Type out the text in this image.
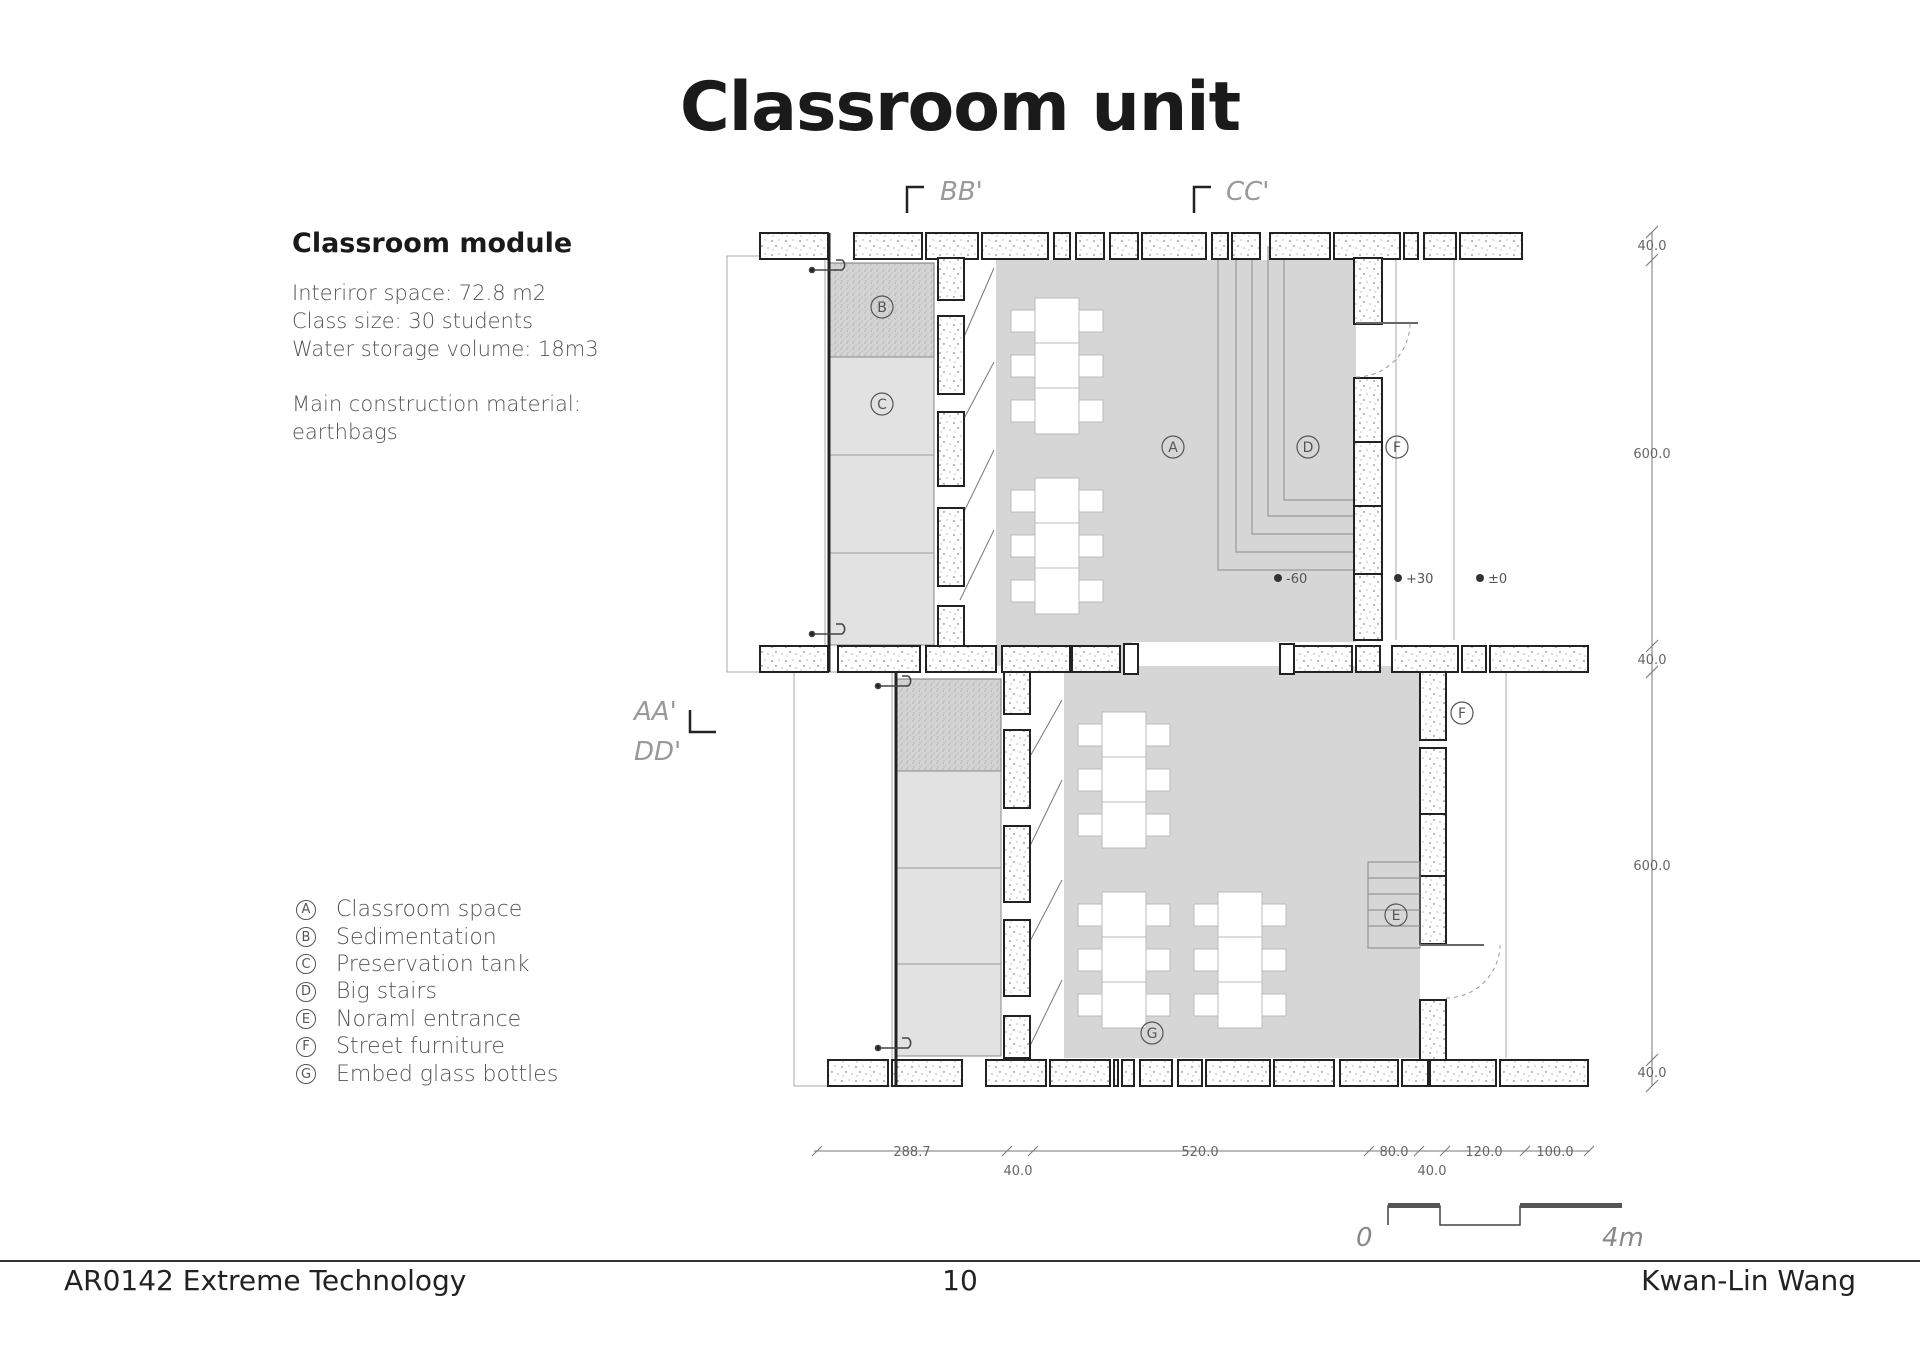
Classroom unit
Classroom module
Interiror space: 72.8 m2
Class size: 30 students
Water storage volume: 18m3
Main construction material:
earthbags
A Classroom space
B Sedimentation
C Preservation tank
D Big stairs
E Noraml entrance
F Street furniture
G Embed glass bottles
A
B
C
D	F
F
E
G
-60	+30	±0
BB'	CC'
AA'
DD'
40.0
600.0
40.0
600.0
40.0
288.7	520.0	80.0	120.0	100.0
40.0	40.0
0	4m
AR0142 Extreme Technology	10	Kwan-Lin Wang
